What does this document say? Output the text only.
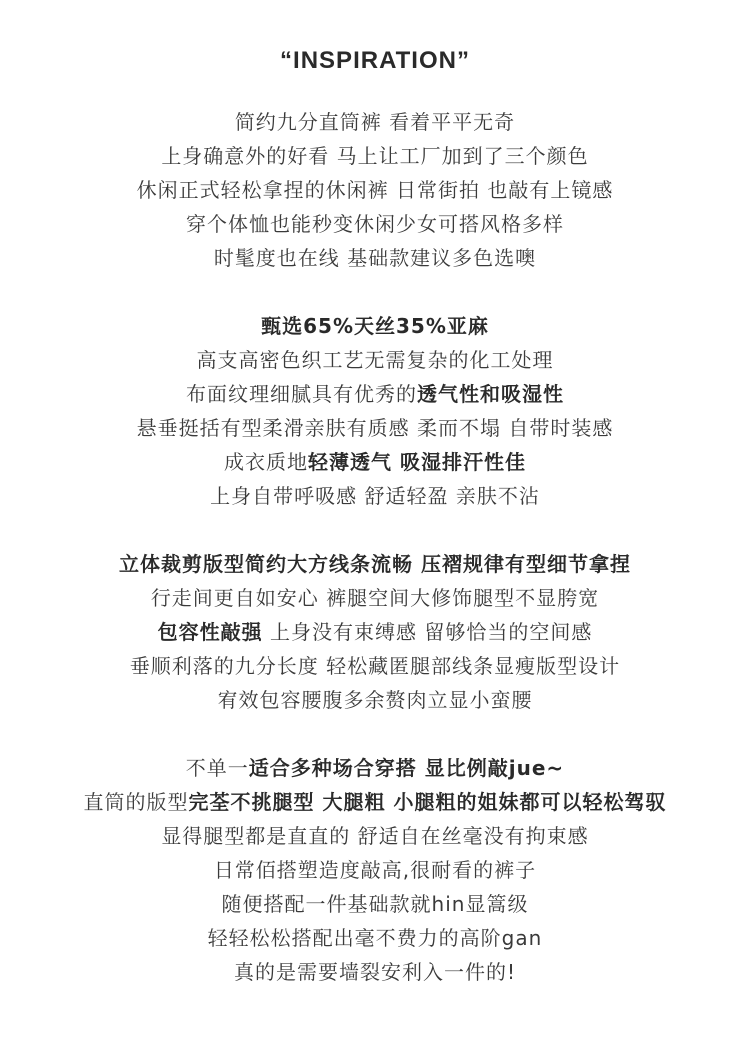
“INSPIRATION”
简约九分直筒裤 看着平平无奇
上身确意外的好看 马上让工厂加到了三个颜色
休闲正式轻松拿捏的休闲裤 日常街拍 也敲有上镜感
穿个体恤也能秒变休闲少女可搭风格多样
时髦度也在线 基础款建议多色选噢
甄选65%天丝35%亚麻
高支高密色织工艺无需复杂的化工处理
布面纹理细腻具有优秀的透气性和吸湿性
悬垂挺括有型柔滑亲肤有质感 柔而不塌 自带时装感
成衣质地轻薄透气 吸湿排汗性佳
上身自带呼吸感 舒适轻盈 亲肤不沾
立体裁剪版型简约大方线条流畅 压褶规律有型细节拿捏
行走间更自如安心 裤腿空间大修饰腿型不显胯宽
包容性敲强 上身没有束缚感 留够恰当的空间感
垂顺利落的九分长度 轻松藏匿腿部线条显瘦版型设计
宥效包容腰腹多余赘肉立显小蛮腰
不单一适合多种场合穿搭 显比例敲jue~
直筒的版型完荃不挑腿型 大腿粗 小腿粗的姐妹都可以轻松驾驭
显得腿型都是直直的 舒适自在丝毫没有拘束感
日常佰搭塑造度敲高,很耐看的裤子
随便搭配一件基础款就hin显篙级
轻轻松松搭配出毫不费力的高阶gan
真的是需要墙裂安利入一件的!
